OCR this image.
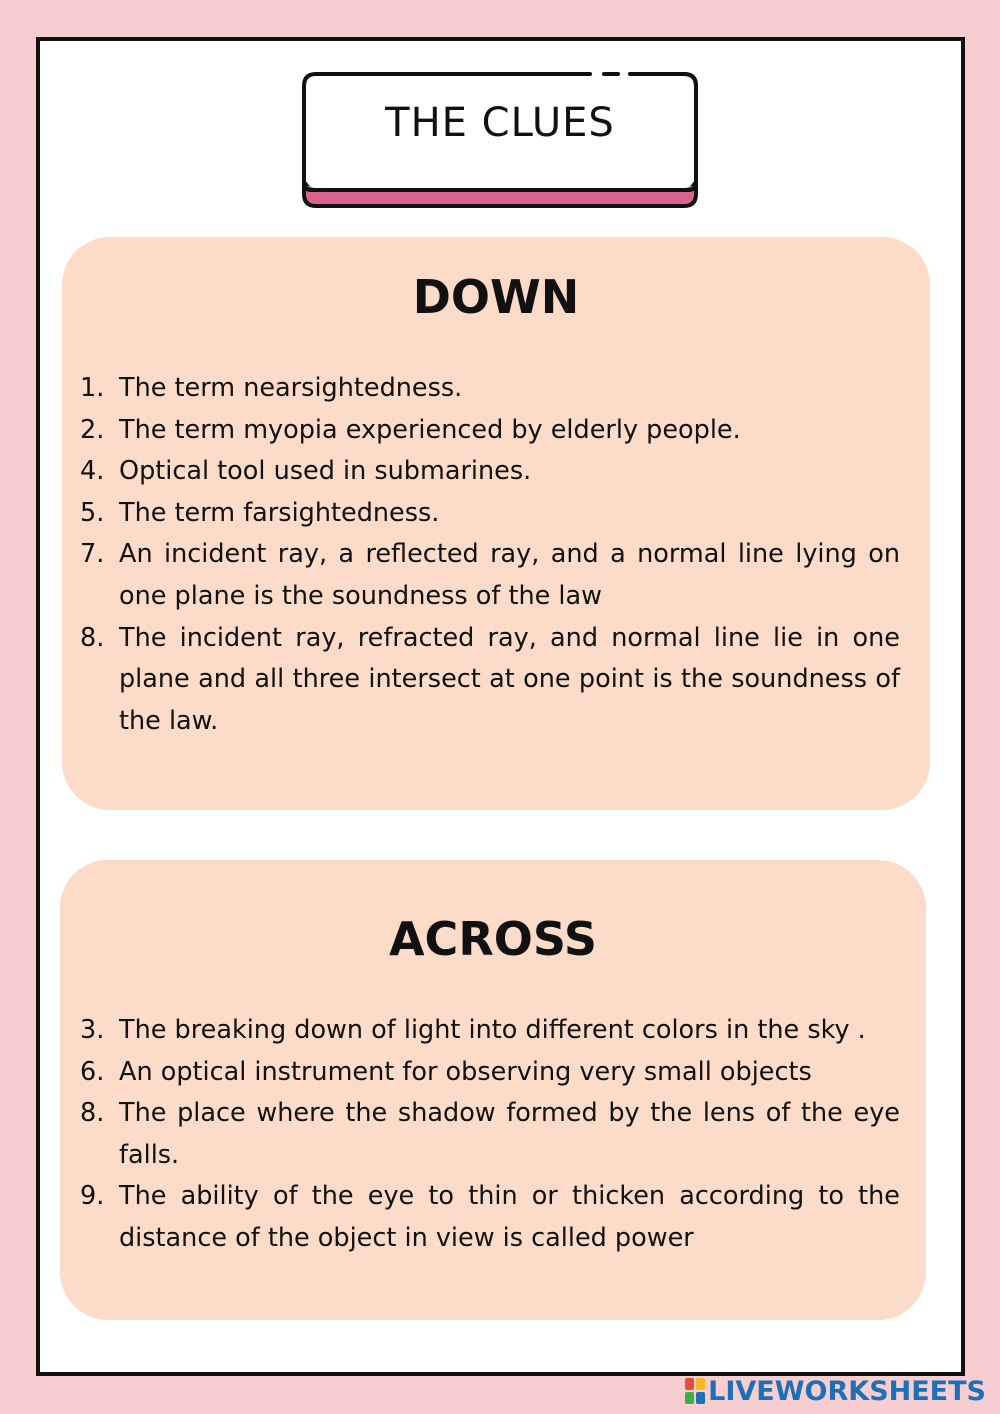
THE CLUES
DOWN
1. The term nearsightedness.
2. The term myopia experienced by elderly people.
4. Optical tool used in submarines.
5. The term farsightedness.
7. An incident ray, a reflected ray, and a normal line lying on one plane is the soundness of the law
8. The incident ray, refracted ray, and normal line lie in one plane and all three intersect at one point is the soundness of the law.
ACROSS
3. The breaking down of light into different colors in the sky .
6. An optical instrument for observing very small objects
8. The place where the shadow formed by the lens of the eye falls.
9. The ability of the eye to thin or thicken according to the distance of the object in view is called power
LIVEWORKSHEETS
